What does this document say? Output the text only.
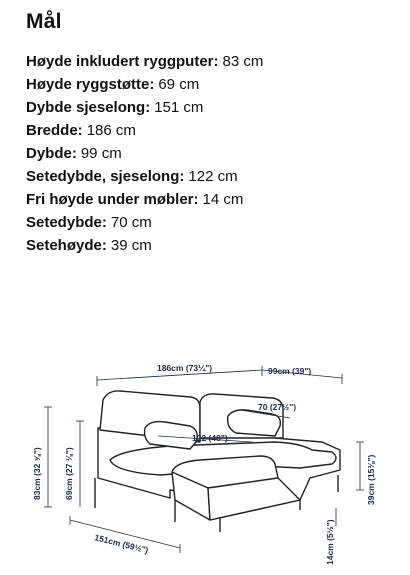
Mål
Høyde inkludert ryggputer: 83 cm
Høyde ryggstøtte: 69 cm
Dybde sjeselong: 151 cm
Bredde: 186 cm
Dybde: 99 cm
Setedybde, sjeselong: 122 cm
Fri høyde under møbler: 14 cm
Setedybde: 70 cm
Setehøyde: 39 cm
186cm (73¼")	99cm (39")
70 (27½")
122 (48")
83cm (32 ⅝")	69cm (27 ⅛")
151cm (59½")	14cm (5½")
39cm (15⅜")
